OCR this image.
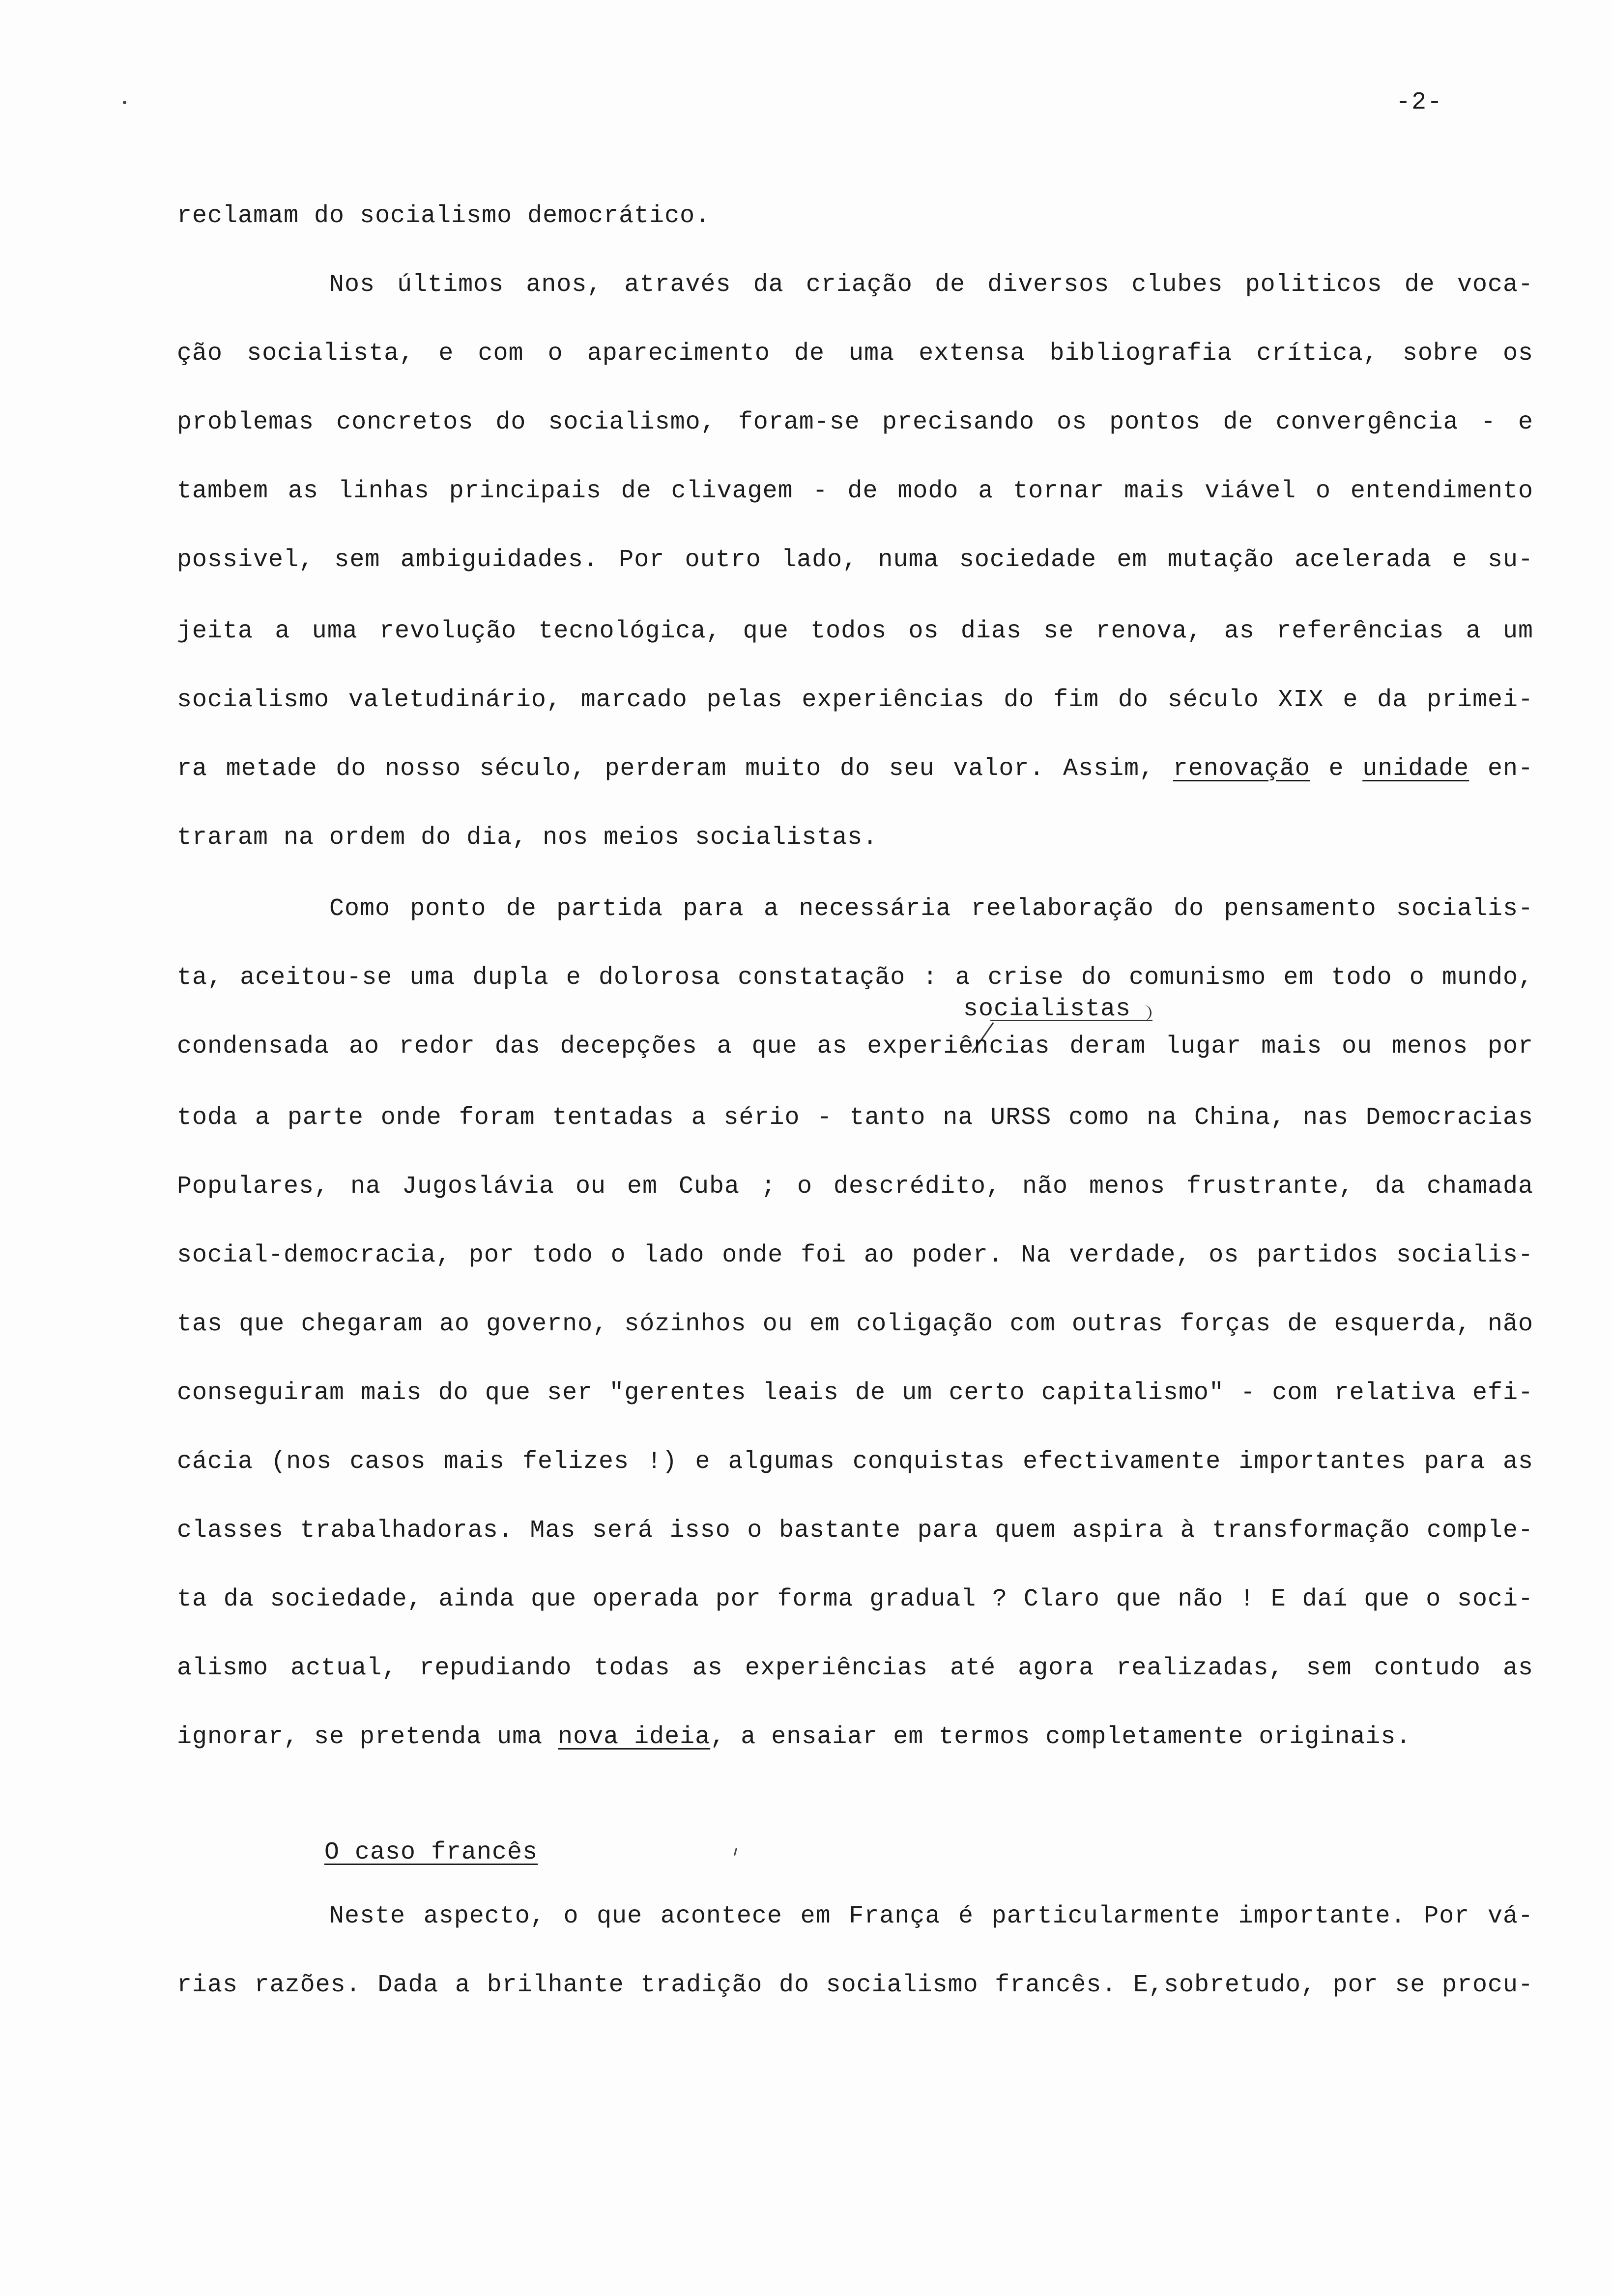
-2-
reclamam do socialismo democrático.
Nos últimos anos, através da criação de diversos clubes politicos de voca-
ção socialista, e com o aparecimento de uma extensa bibliografia crítica, sobre os
problemas concretos do socialismo, foram-se precisando os pontos de convergência - e
tambem as linhas principais de clivagem - de modo a tornar mais viável o entendimento
possivel, sem ambiguidades. Por outro lado, numa sociedade em mutação acelerada e su-
jeita a uma revolução tecnológica, que todos os dias se renova, as referências a um
socialismo valetudinário, marcado pelas experiências do fim do século XIX e da primei-
ra metade do nosso século, perderam muito do seu valor. Assim, renovação e unidade en-
traram na ordem do dia, nos meios socialistas.
Como ponto de partida para a necessária reelaboração do pensamento socialis-
ta, aceitou-se uma dupla e dolorosa constatação : a crise do comunismo em todo o mundo,
socialistas
condensada ao redor das decepções a que as experiências deram lugar mais ou menos por
toda a parte onde foram tentadas a sério - tanto na URSS como na China, nas Democracias
Populares, na Jugoslávia ou em Cuba ; o descrédito, não menos frustrante, da chamada
social-democracia, por todo o lado onde foi ao poder. Na verdade, os partidos socialis-
tas que chegaram ao governo, sózinhos ou em coligação com outras forças de esquerda, não
conseguiram mais do que ser "gerentes leais de um certo capitalismo" - com relativa efi-
cácia (nos casos mais felizes !) e algumas conquistas efectivamente importantes para as
classes trabalhadoras. Mas será isso o bastante para quem aspira à transformação comple-
ta da sociedade, ainda que operada por forma gradual ? Claro que não ! E daí que o soci-
alismo actual, repudiando todas as experiências até agora realizadas, sem contudo as
ignorar, se pretenda uma nova ideia, a ensaiar em termos completamente originais.
O caso francês
Neste aspecto, o que acontece em França é particularmente importante. Por vá-
rias razões. Dada a brilhante tradição do socialismo francês. E,sobretudo, por se procu-
